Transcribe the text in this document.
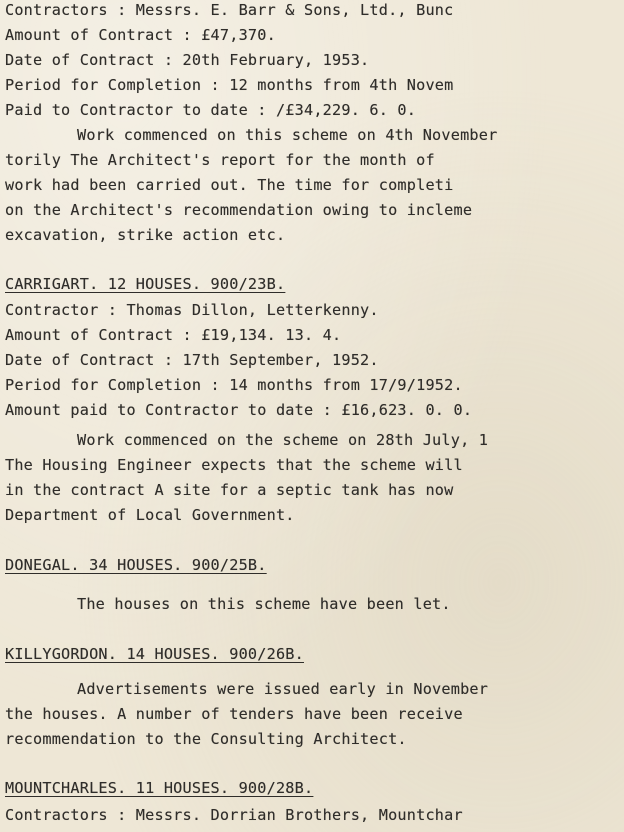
Contractors : Messrs. E. Barr & Sons, Ltd., Bunc
Amount of Contract : £47,370.
Date of Contract : 20th February, 1953.
Period for Completion : 12 months from 4th Novem
Paid to Contractor to date : /£34,229. 6. 0.
Work commenced on this scheme on 4th November
torily The Architect's report for the month of
work had been carried out. The time for completi
on the Architect's recommendation owing to incleme
excavation, strike action etc.
CARRIGART. 12 HOUSES. 900/23B.
Contractor : Thomas Dillon, Letterkenny.
Amount of Contract : £19,134. 13. 4.
Date of Contract : 17th September, 1952.
Period for Completion : 14 months from 17/9/1952.
Amount paid to Contractor to date : £16,623. 0. 0.
Work commenced on the scheme on 28th July, 1
The Housing Engineer expects that the scheme will
in the contract A site for a septic tank has now
Department of Local Government.
DONEGAL. 34 HOUSES. 900/25B.
The houses on this scheme have been let.
KILLYGORDON. 14 HOUSES. 900/26B.
Advertisements were issued early in November
the houses. A number of tenders have been receive
recommendation to the Consulting Architect.
MOUNTCHARLES. 11 HOUSES. 900/28B.
Contractors : Messrs. Dorrian Brothers, Mountchar
